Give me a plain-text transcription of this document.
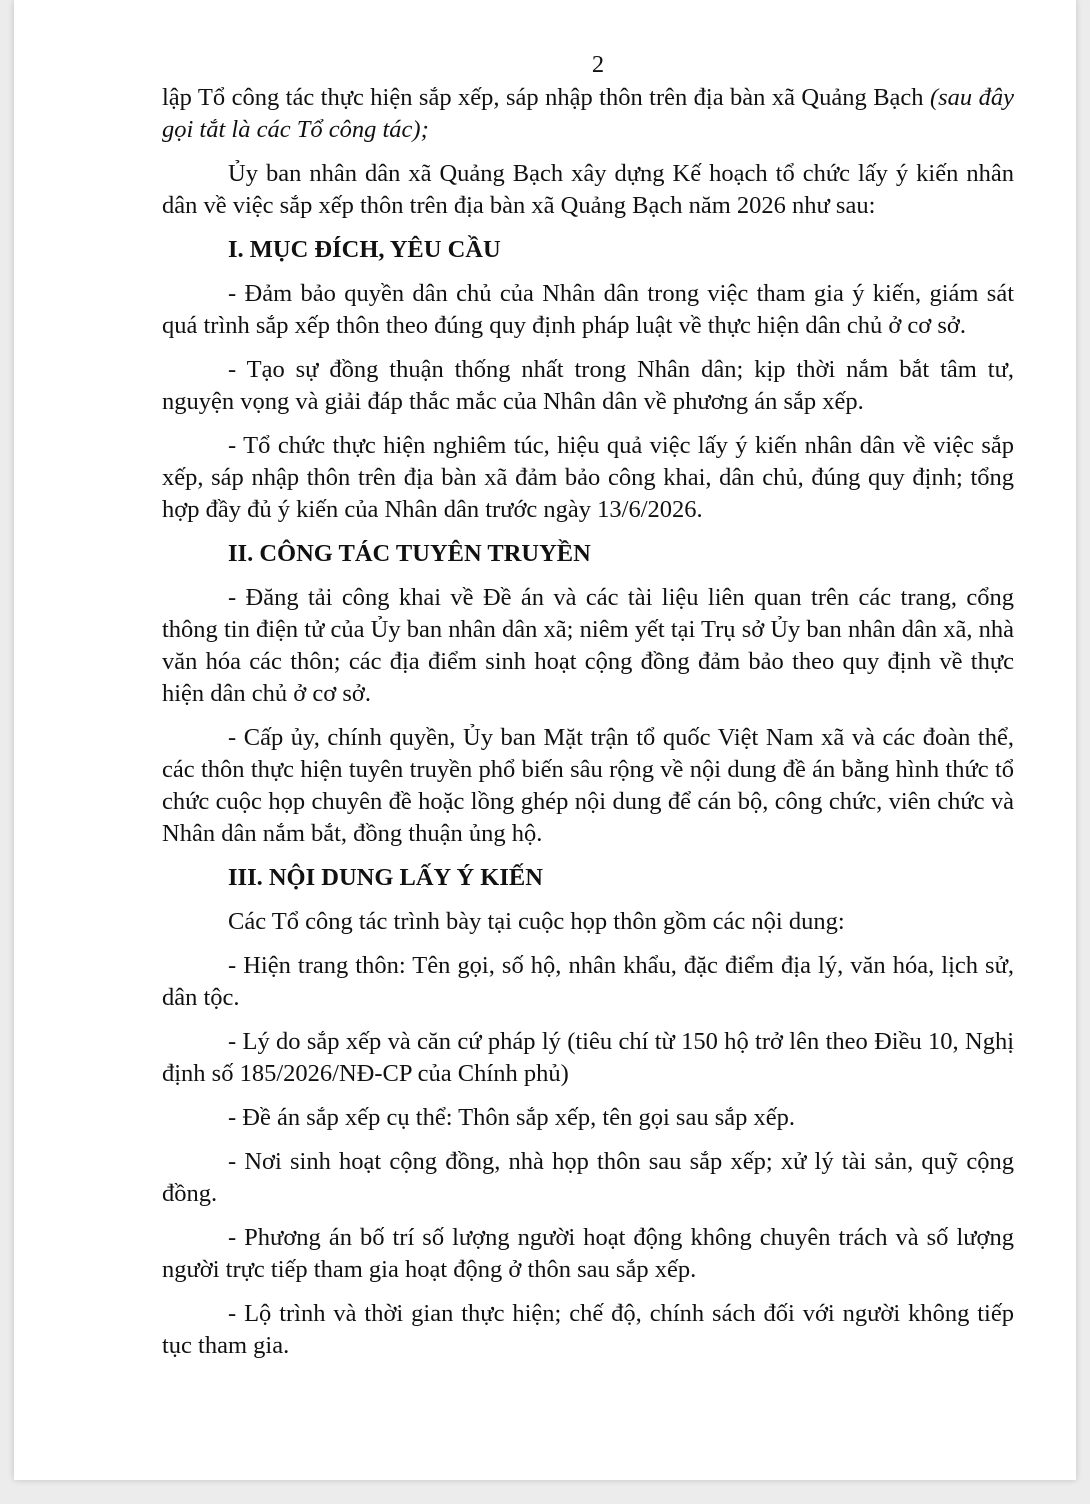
2

lập Tổ công tác thực hiện sắp xếp, sáp nhập thôn trên địa bàn xã Quảng Bạch (sau đây gọi tắt là các Tổ công tác);

Ủy ban nhân dân xã Quảng Bạch xây dựng Kế hoạch tổ chức lấy ý kiến nhân dân về việc sắp xếp thôn trên địa bàn xã Quảng Bạch năm 2026 như sau:

I. MỤC ĐÍCH, YÊU CẦU

- Đảm bảo quyền dân chủ của Nhân dân trong việc tham gia ý kiến, giám sát quá trình sắp xếp thôn theo đúng quy định pháp luật về thực hiện dân chủ ở cơ sở.

- Tạo sự đồng thuận thống nhất trong Nhân dân; kịp thời nắm bắt tâm tư, nguyện vọng và giải đáp thắc mắc của Nhân dân về phương án sắp xếp.

- Tổ chức thực hiện nghiêm túc, hiệu quả việc lấy ý kiến nhân dân về việc sắp xếp, sáp nhập thôn trên địa bàn xã đảm bảo công khai, dân chủ, đúng quy định; tổng hợp đầy đủ ý kiến của Nhân dân trước ngày 13/6/2026.

II. CÔNG TÁC TUYÊN TRUYỀN

- Đăng tải công khai về Đề án và các tài liệu liên quan trên các trang, cổng thông tin điện tử của Ủy ban nhân dân xã; niêm yết tại Trụ sở Ủy ban nhân dân xã, nhà văn hóa các thôn; các địa điểm sinh hoạt cộng đồng đảm bảo theo quy định về thực hiện dân chủ ở cơ sở.

- Cấp ủy, chính quyền, Ủy ban Mặt trận tổ quốc Việt Nam xã và các đoàn thể, các thôn thực hiện tuyên truyền phổ biến sâu rộng về nội dung đề án bằng hình thức tổ chức cuộc họp chuyên đề hoặc lồng ghép nội dung để cán bộ, công chức, viên chức và Nhân dân nắm bắt, đồng thuận ủng hộ.

III. NỘI DUNG LẤY Ý KIẾN

Các Tổ công tác trình bày tại cuộc họp thôn gồm các nội dung:

- Hiện trang thôn: Tên gọi, số hộ, nhân khẩu, đặc điểm địa lý, văn hóa, lịch sử, dân tộc.

- Lý do sắp xếp và căn cứ pháp lý (tiêu chí từ 150 hộ trở lên theo Điều 10, Nghị định số 185/2026/NĐ-CP của Chính phủ)

- Đề án sắp xếp cụ thể: Thôn sắp xếp, tên gọi sau sắp xếp.

- Nơi sinh hoạt cộng đồng, nhà họp thôn sau sắp xếp; xử lý tài sản, quỹ cộng đồng.

- Phương án bố trí số lượng người hoạt động không chuyên trách và số lượng người trực tiếp tham gia hoạt động ở thôn sau sắp xếp.

- Lộ trình và thời gian thực hiện; chế độ, chính sách đối với người không tiếp tục tham gia.
